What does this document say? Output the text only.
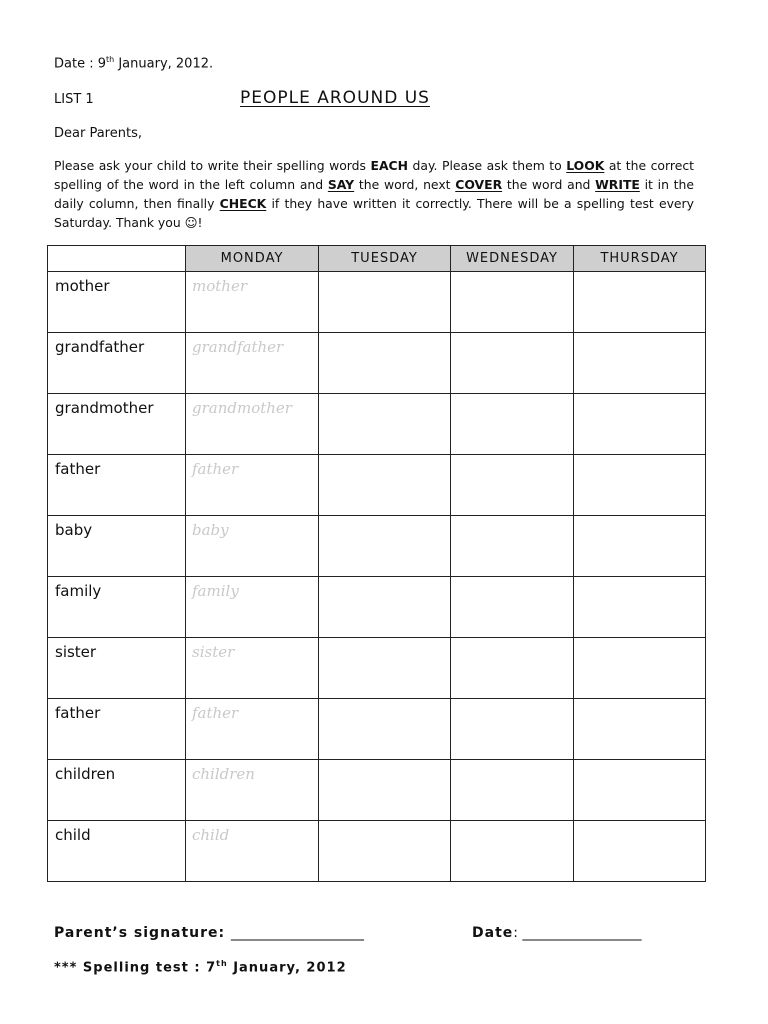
Date : 9th January, 2012.
LIST 1	PEOPLE AROUND US
Dear Parents,
Please ask your child to write their spelling words EACH day. Please ask them to LOOK at the correct spelling of the word in the left column and SAY the word, next COVER the word and WRITE it in the daily column, then finally CHECK if they have written it correctly. There will be a spelling test every Saturday. Thank you ☺!
	MONDAY	TUESDAY	WEDNESDAY	THURSDAY

mother	mother			

grandfather	grandfather			

grandmother	grandmother			

father	father			

baby	baby			

family	family			

sister	sister			

father	father			

children	children			

child	child			

Parent’s signature: ___________________	Date: _________________
*** Spelling test : 7th January, 2012
